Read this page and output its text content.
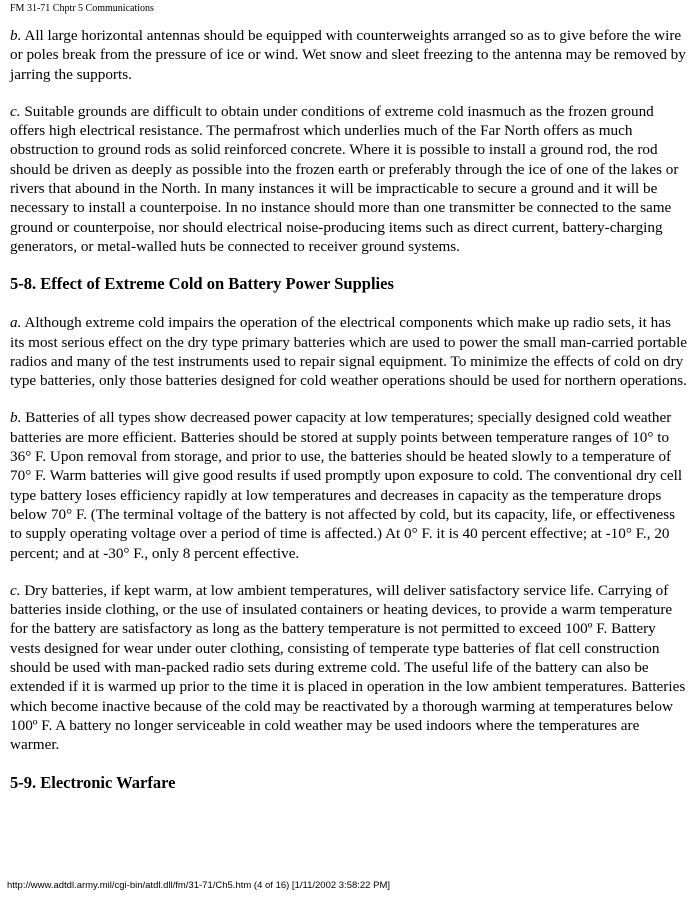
FM 31-71 Chptr 5 Communications

b. All large horizontal antennas should be equipped with counterweights arranged so as to give before the wire or poles break from the pressure of ice or wind. Wet snow and sleet freezing to the antenna may be removed by jarring the supports.

c. Suitable grounds are difficult to obtain under conditions of extreme cold inasmuch as the frozen ground offers high electrical resistance. The permafrost which underlies much of the Far North offers as much obstruction to ground rods as solid reinforced concrete. Where it is possible to install a ground rod, the rod should be driven as deeply as possible into the frozen earth or preferably through the ice of one of the lakes or rivers that abound in the North. In many instances it will be impracticable to secure a ground and it will be necessary to install a counterpoise. In no instance should more than one transmitter be connected to the same ground or counterpoise, nor should electrical noise-producing items such as direct current, battery-charging generators, or metal-walled huts be connected to receiver ground systems.

5-8. Effect of Extreme Cold on Battery Power Supplies

a. Although extreme cold impairs the operation of the electrical components which make up radio sets, it has its most serious effect on the dry type primary batteries which are used to power the small man-carried portable radios and many of the test instruments used to repair signal equipment. To minimize the effects of cold on dry type batteries, only those batteries designed for cold weather operations should be used for northern operations.

b. Batteries of all types show decreased power capacity at low temperatures; specially designed cold weather batteries are more efficient. Batteries should be stored at supply points between temperature ranges of 10° to 36° F. Upon removal from storage, and prior to use, the batteries should be heated slowly to a temperature of 70° F. Warm batteries will give good results if used promptly upon exposure to cold. The conventional dry cell type battery loses efficiency rapidly at low temperatures and decreases in capacity as the temperature drops below 70° F. (The terminal voltage of the battery is not affected by cold, but its capacity, life, or effectiveness to supply operating voltage over a period of time is affected.) At 0° F. it is 40 percent effective; at -10° F., 20 percent; and at -30° F., only 8 percent effective.

c. Dry batteries, if kept warm, at low ambient temperatures, will deliver satisfactory service life. Carrying of batteries inside clothing, or the use of insulated containers or heating devices, to provide a warm temperature for the battery are satisfactory as long as the battery temperature is not permitted to exceed 100º F. Battery vests designed for wear under outer clothing, consisting of temperate type batteries of flat cell construction should be used with man-packed radio sets during extreme cold. The useful life of the battery can also be extended if it is warmed up prior to the time it is placed in operation in the low ambient temperatures. Batteries which become inactive because of the cold may be reactivated by a thorough warming at temperatures below 100º F. A battery no longer serviceable in cold weather may be used indoors where the temperatures are warmer.

5-9. Electronic Warfare
http://www.adtdl.army.mil/cgi-bin/atdl.dll/fm/31-71/Ch5.htm (4 of 16) [1/11/2002 3:58:22 PM]
